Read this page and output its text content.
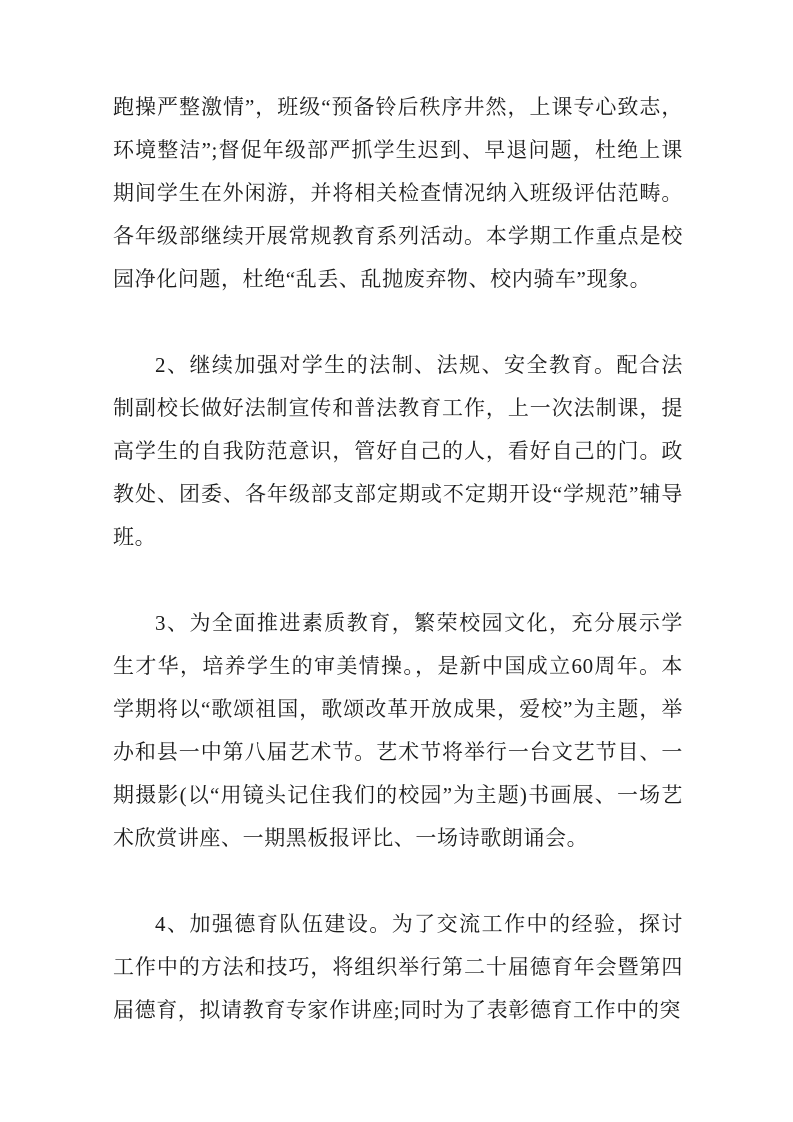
跑操严整激情”，班级“预备铃后秩序井然，上课专心致志，环境整洁”;督促年级部严抓学生迟到、早退问题，杜绝上课期间学生在外闲游，并将相关检查情况纳入班级评估范畴。各年级部继续开展常规教育系列活动。本学期工作重点是校园净化问题，杜绝“乱丢、乱抛废弃物、校内骑车”现象。

2、继续加强对学生的法制、法规、安全教育。配合法制副校长做好法制宣传和普法教育工作，上一次法制课，提高学生的自我防范意识，管好自己的人，看好自己的门。政教处、团委、各年级部支部定期或不定期开设“学规范”辅导班。

3、为全面推进素质教育，繁荣校园文化，充分展示学生才华，培养学生的审美情操。，是新中国成立60周年。本学期将以“歌颂祖国，歌颂改革开放成果，爱校”为主题，举办和县一中第八届艺术节。艺术节将举行一台文艺节目、一期摄影(以“用镜头记住我们的校园”为主题)书画展、一场艺术欣赏讲座、一期黑板报评比、一场诗歌朗诵会。

4、加强德育队伍建设。为了交流工作中的经验，探讨工作中的方法和技巧，将组织举行第二十届德育年会暨第四届德育，拟请教育专家作讲座;同时为了表彰德育工作中的突
